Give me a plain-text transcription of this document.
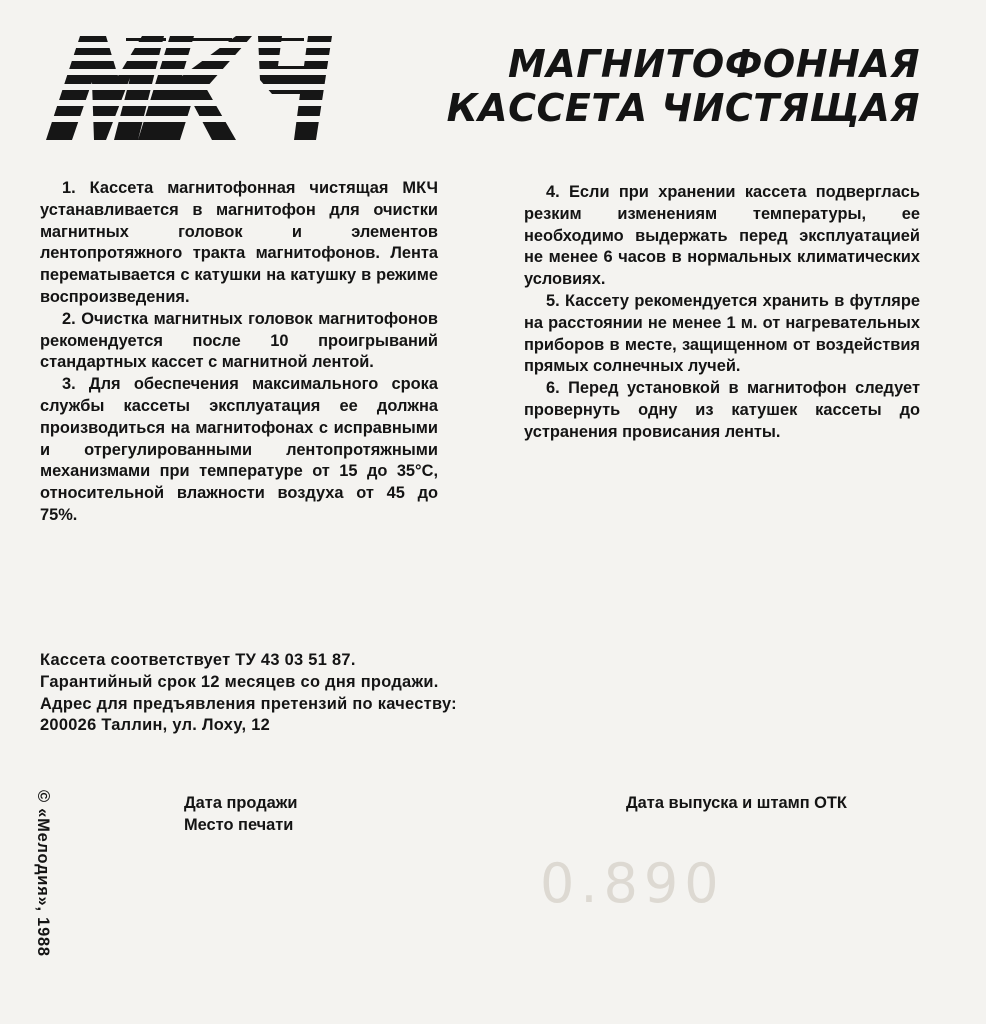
МАГНИТОФОННАЯ
КАССЕТА ЧИСТЯЩАЯ

1. Кассета магнитофонная чистящая МКЧ устанавливается в магнитофон для очистки магнитных головок и элементов лентопротяжного тракта магнитофонов. Лента перематывается с катушки на катушку в режиме воспроизведения.

2. Очистка магнитных головок магнитофонов рекомендуется после 10 проигрываний стандартных кассет с магнитной лентой.

3. Для обеспечения максимального срока службы кассеты эксплуатация ее должна производиться на магнитофонах с исправными и отрегулированными лентопротяжными механизмами при температуре от 15 до 35°С, относительной влажности воздуха от 45 до 75%.

4. Если при хранении кассета подверглась резким изменениям температуры, ее необходимо выдержать перед эксплуатацией не менее 6 часов в нормальных климатических условиях.

5. Кассету рекомендуется хранить в футляре на расстоянии не менее 1 м. от нагревательных приборов в месте, защищенном от воздействия прямых солнечных лучей.

6. Перед установкой в магнитофон следует провернуть одну из катушек кассеты до устранения провисания ленты.

Кассета соответствует ТУ 43 03 51 87.
Гарантийный срок 12 месяцев со дня продажи.
Адрес для предъявления претензий по качеству:
200026 Таллин, ул. Лоху, 12
Дата продажи
Место печати
Дата выпуска и штамп ОТК
© «Мелодия», 1988	0.890
